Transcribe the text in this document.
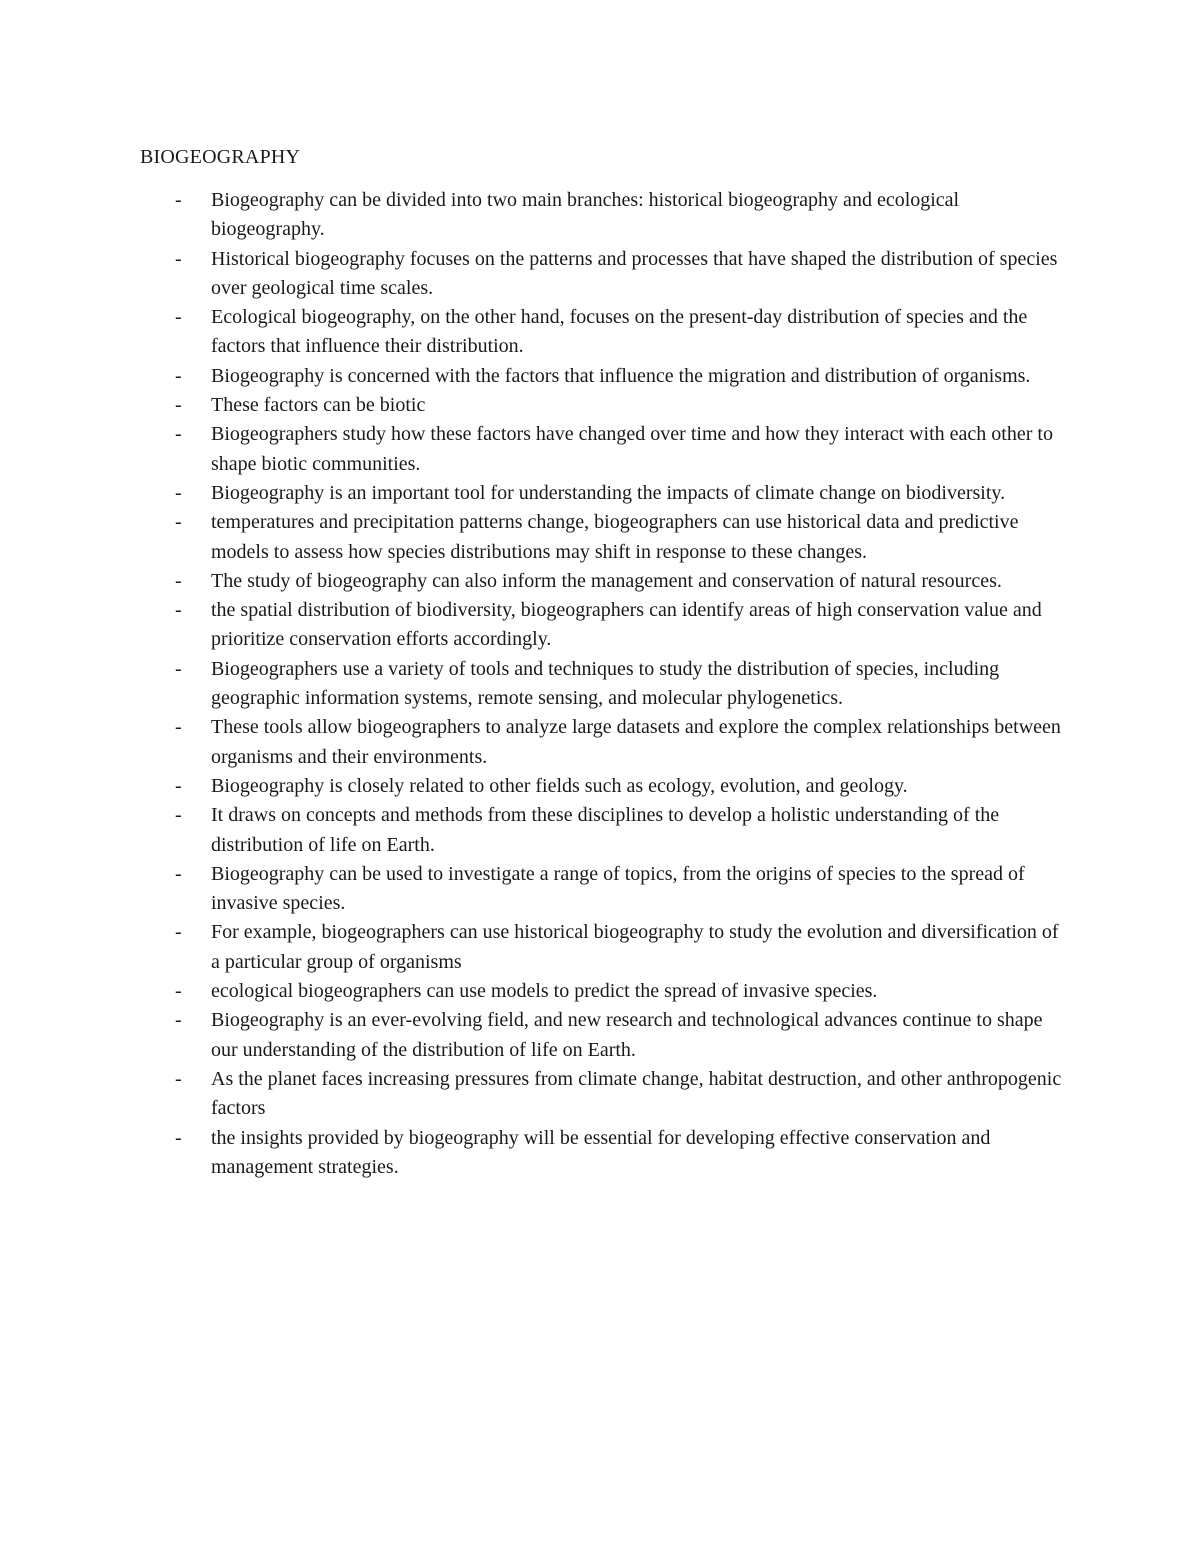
BIOGEOGRAPHY
- Biogeography can be divided into two main branches: historical biogeography and ecological biogeography.
- Historical biogeography focuses on the patterns and processes that have shaped the distribution of species over geological time scales.
- Ecological biogeography, on the other hand, focuses on the present-day distribution of species and the factors that influence their distribution.
- Biogeography is concerned with the factors that influence the migration and distribution of organisms.
- These factors can be biotic
- Biogeographers study how these factors have changed over time and how they interact with each other to shape biotic communities.
- Biogeography is an important tool for understanding the impacts of climate change on biodiversity.
- temperatures and precipitation patterns change, biogeographers can use historical data and predictive models to assess how species distributions may shift in response to these changes.
- The study of biogeography can also inform the management and conservation of natural resources.
- the spatial distribution of biodiversity, biogeographers can identify areas of high conservation value and prioritize conservation efforts accordingly.
- Biogeographers use a variety of tools and techniques to study the distribution of species, including geographic information systems, remote sensing, and molecular phylogenetics.
- These tools allow biogeographers to analyze large datasets and explore the complex relationships between organisms and their environments.
- Biogeography is closely related to other fields such as ecology, evolution, and geology.
- It draws on concepts and methods from these disciplines to develop a holistic understanding of the distribution of life on Earth.
- Biogeography can be used to investigate a range of topics, from the origins of species to the spread of invasive species.
- For example, biogeographers can use historical biogeography to study the evolution and diversification of a particular group of organisms
- ecological biogeographers can use models to predict the spread of invasive species.
- Biogeography is an ever-evolving field, and new research and technological advances continue to shape our understanding of the distribution of life on Earth.
- As the planet faces increasing pressures from climate change, habitat destruction, and other anthropogenic factors
- the insights provided by biogeography will be essential for developing effective conservation and management strategies.
